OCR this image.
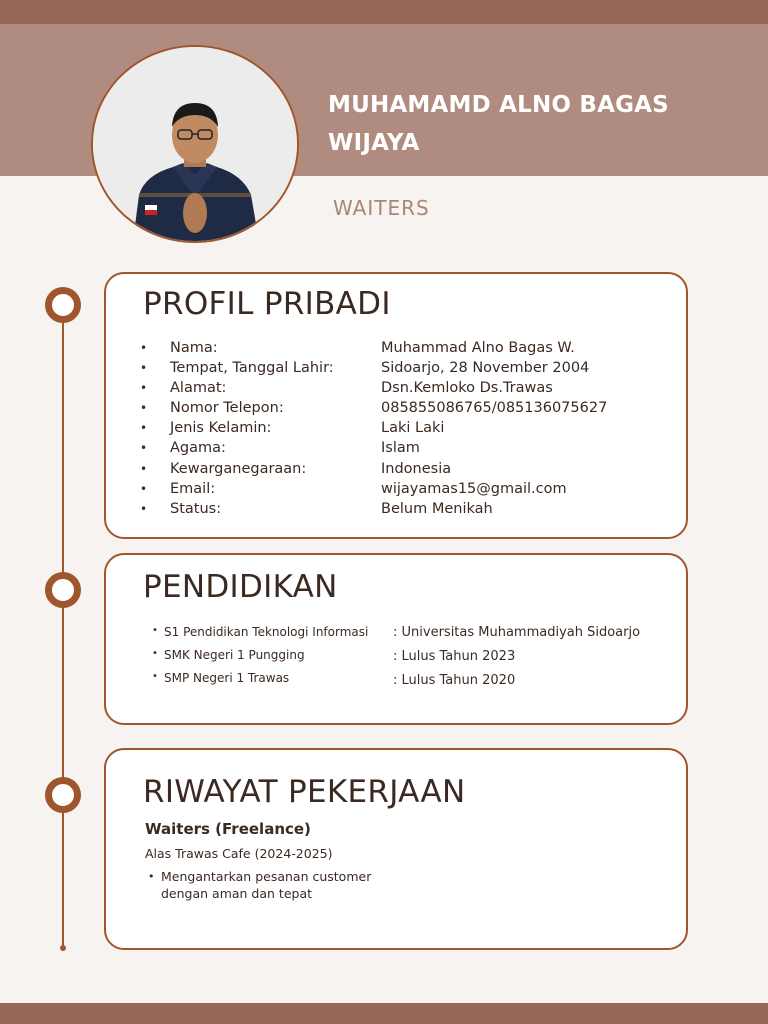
MUHAMAMD ALNO BAGAS
WIJAYA
WAITERS
PROFIL PRIBADI
Nama:	Muhammad Alno Bagas W.
Tempat, Tanggal Lahir:	Sidoarjo, 28 November 2004
Alamat:	Dsn.Kemloko Ds.Trawas
Nomor Telepon:	085855086765/085136075627
Jenis Kelamin:	Laki Laki
Agama:	Islam
Kewarganegaraan:	Indonesia
Email:	wijayamas15@gmail.com
Status:	Belum Menikah
PENDIDIKAN
• S1 Pendidikan Teknologi Informasi : Universitas Muhammadiyah Sidoarjo
• SMK Negeri 1 Pungging	: Lulus Tahun 2023
• SMP Negeri 1 Trawas	: Lulus Tahun 2020
RIWAYAT PEKERJAAN
Waiters (Freelance)
Alas Trawas Cafe (2024-2025)
• Mengantarkan pesanan customer dengan aman dan tepat
